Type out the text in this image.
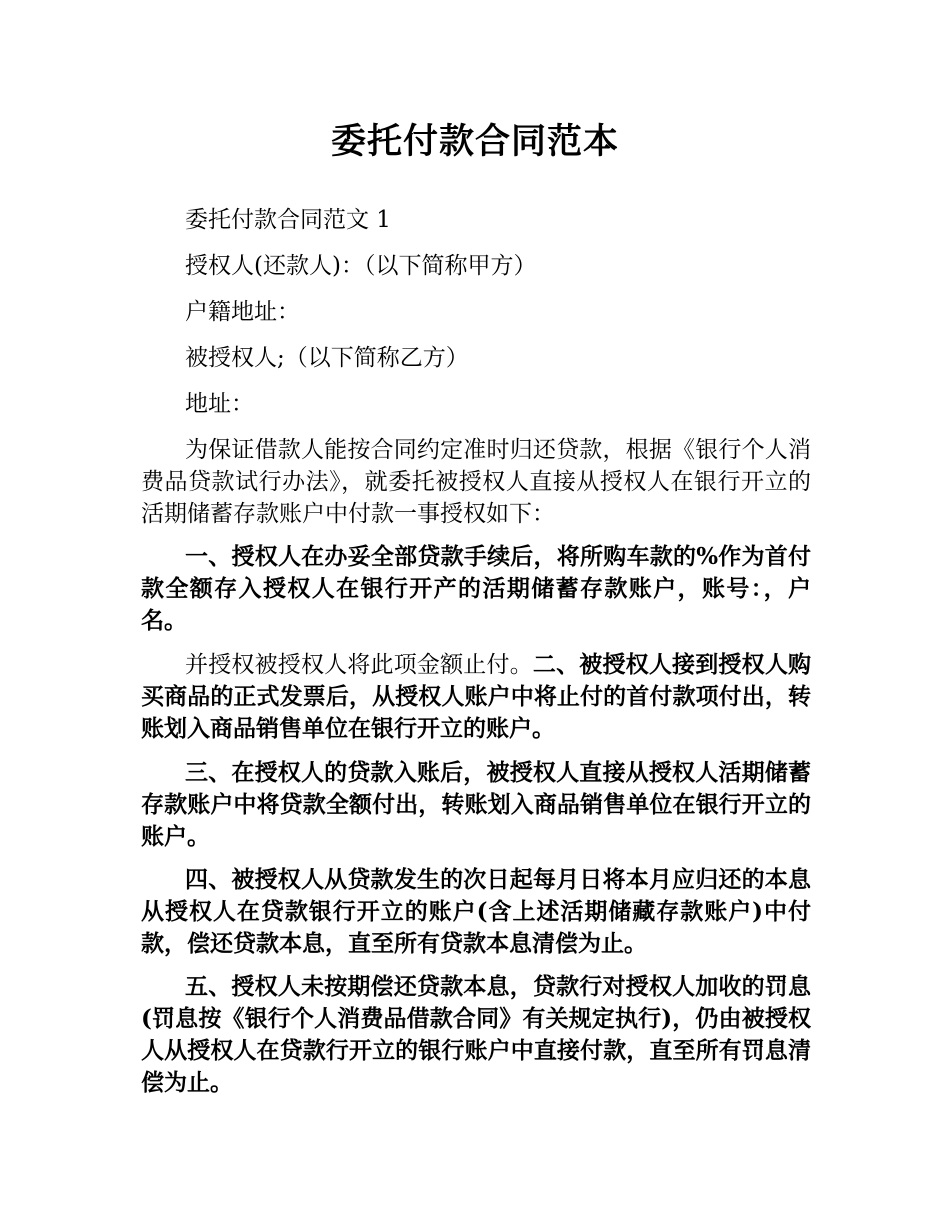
委托付款合同范本

委托付款合同范文 1

授权人(还款人)：（以下简称甲方）

户籍地址：

被授权人;（以下简称乙方）

地址：

为保证借款人能按合同约定准时归还贷款，根据《银行个人消费品贷款试行办法》，就委托被授权人直接从授权人在银行开立的活期储蓄存款账户中付款一事授权如下：

一、授权人在办妥全部贷款手续后，将所购车款的%作为首付款全额存入授权人在银行开产的活期储蓄存款账户，账号：，户名。

并授权被授权人将此项金额止付。二、被授权人接到授权人购买商品的正式发票后，从授权人账户中将止付的首付款项付出，转账划入商品销售单位在银行开立的账户。

三、在授权人的贷款入账后，被授权人直接从授权人活期储蓄存款账户中将贷款全额付出，转账划入商品销售单位在银行开立的账户。

四、被授权人从贷款发生的次日起每月日将本月应归还的本息从授权人在贷款银行开立的账户(含上述活期储藏存款账户)中付款，偿还贷款本息，直至所有贷款本息清偿为止。

五、授权人未按期偿还贷款本息，贷款行对授权人加收的罚息(罚息按《银行个人消费品借款合同》有关规定执行)，仍由被授权人从授权人在贷款行开立的银行账户中直接付款，直至所有罚息清偿为止。
